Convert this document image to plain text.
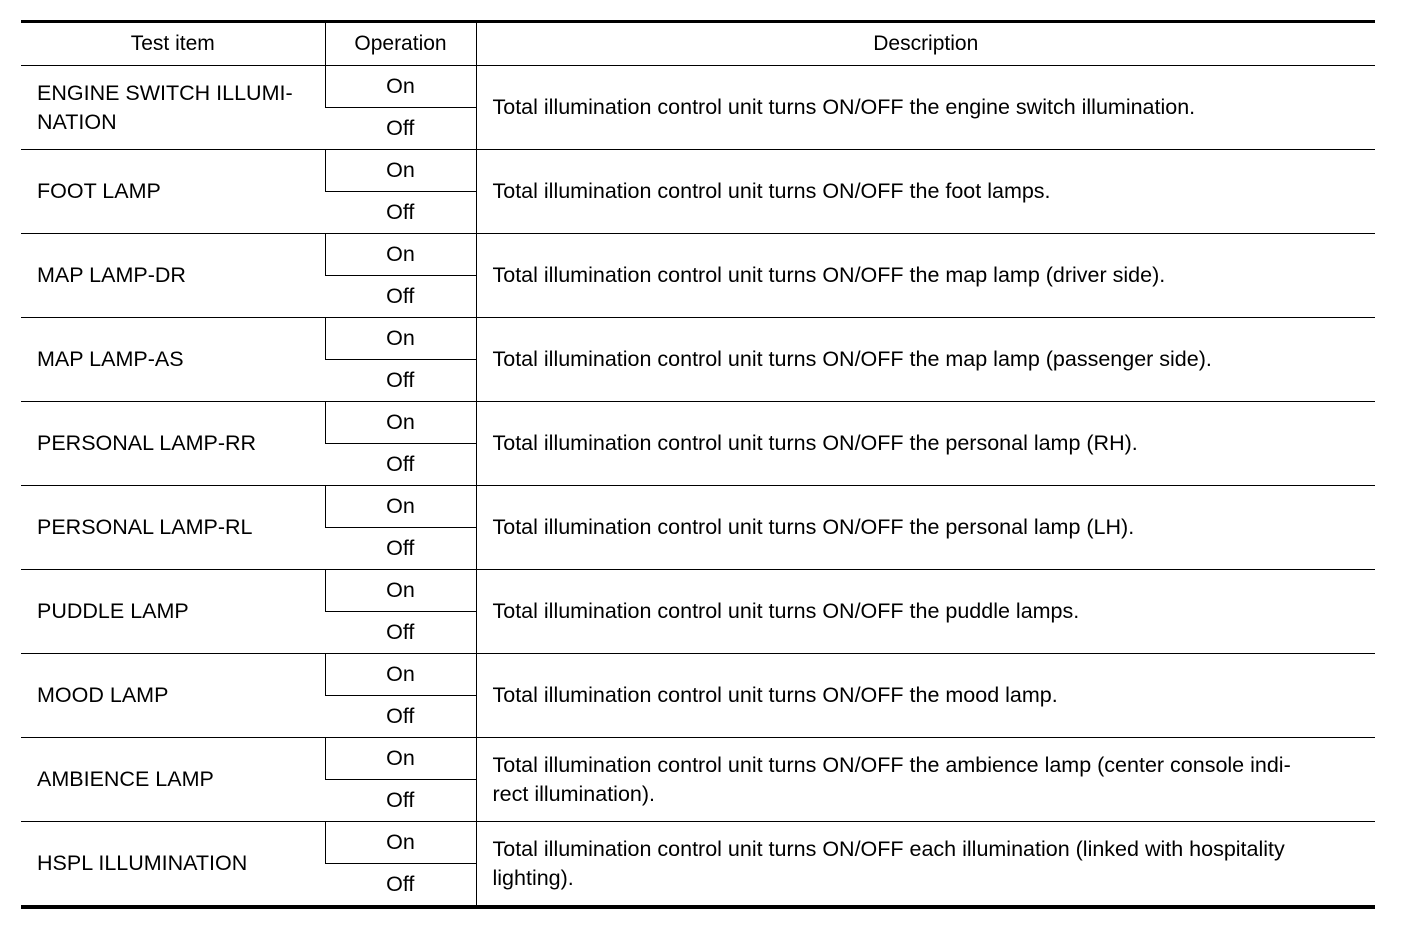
Test item	Operation	Description
ENGINE SWITCH ILLUMI-
NATION	On	Total illumination control unit turns ON/OFF the engine switch illumination.
	Off	
FOOT LAMP	On	Total illumination control unit turns ON/OFF the foot lamps.
	Off	
MAP LAMP-DR	On	Total illumination control unit turns ON/OFF the map lamp (driver side).
	Off	
MAP LAMP-AS	On	Total illumination control unit turns ON/OFF the map lamp (passenger side).
	Off	
PERSONAL LAMP-RR	On	Total illumination control unit turns ON/OFF the personal lamp (RH).
	Off	
PERSONAL LAMP-RL	On	Total illumination control unit turns ON/OFF the personal lamp (LH).
	Off	
PUDDLE LAMP	On	Total illumination control unit turns ON/OFF the puddle lamps.
	Off	
MOOD LAMP	On	Total illumination control unit turns ON/OFF the mood lamp.
	Off	
AMBIENCE LAMP	On	Total illumination control unit turns ON/OFF the ambience lamp (center console indi-
rect illumination).
	Off	
HSPL ILLUMINATION	On	Total illumination control unit turns ON/OFF each illumination (linked with hospitality
lighting).
	Off	
